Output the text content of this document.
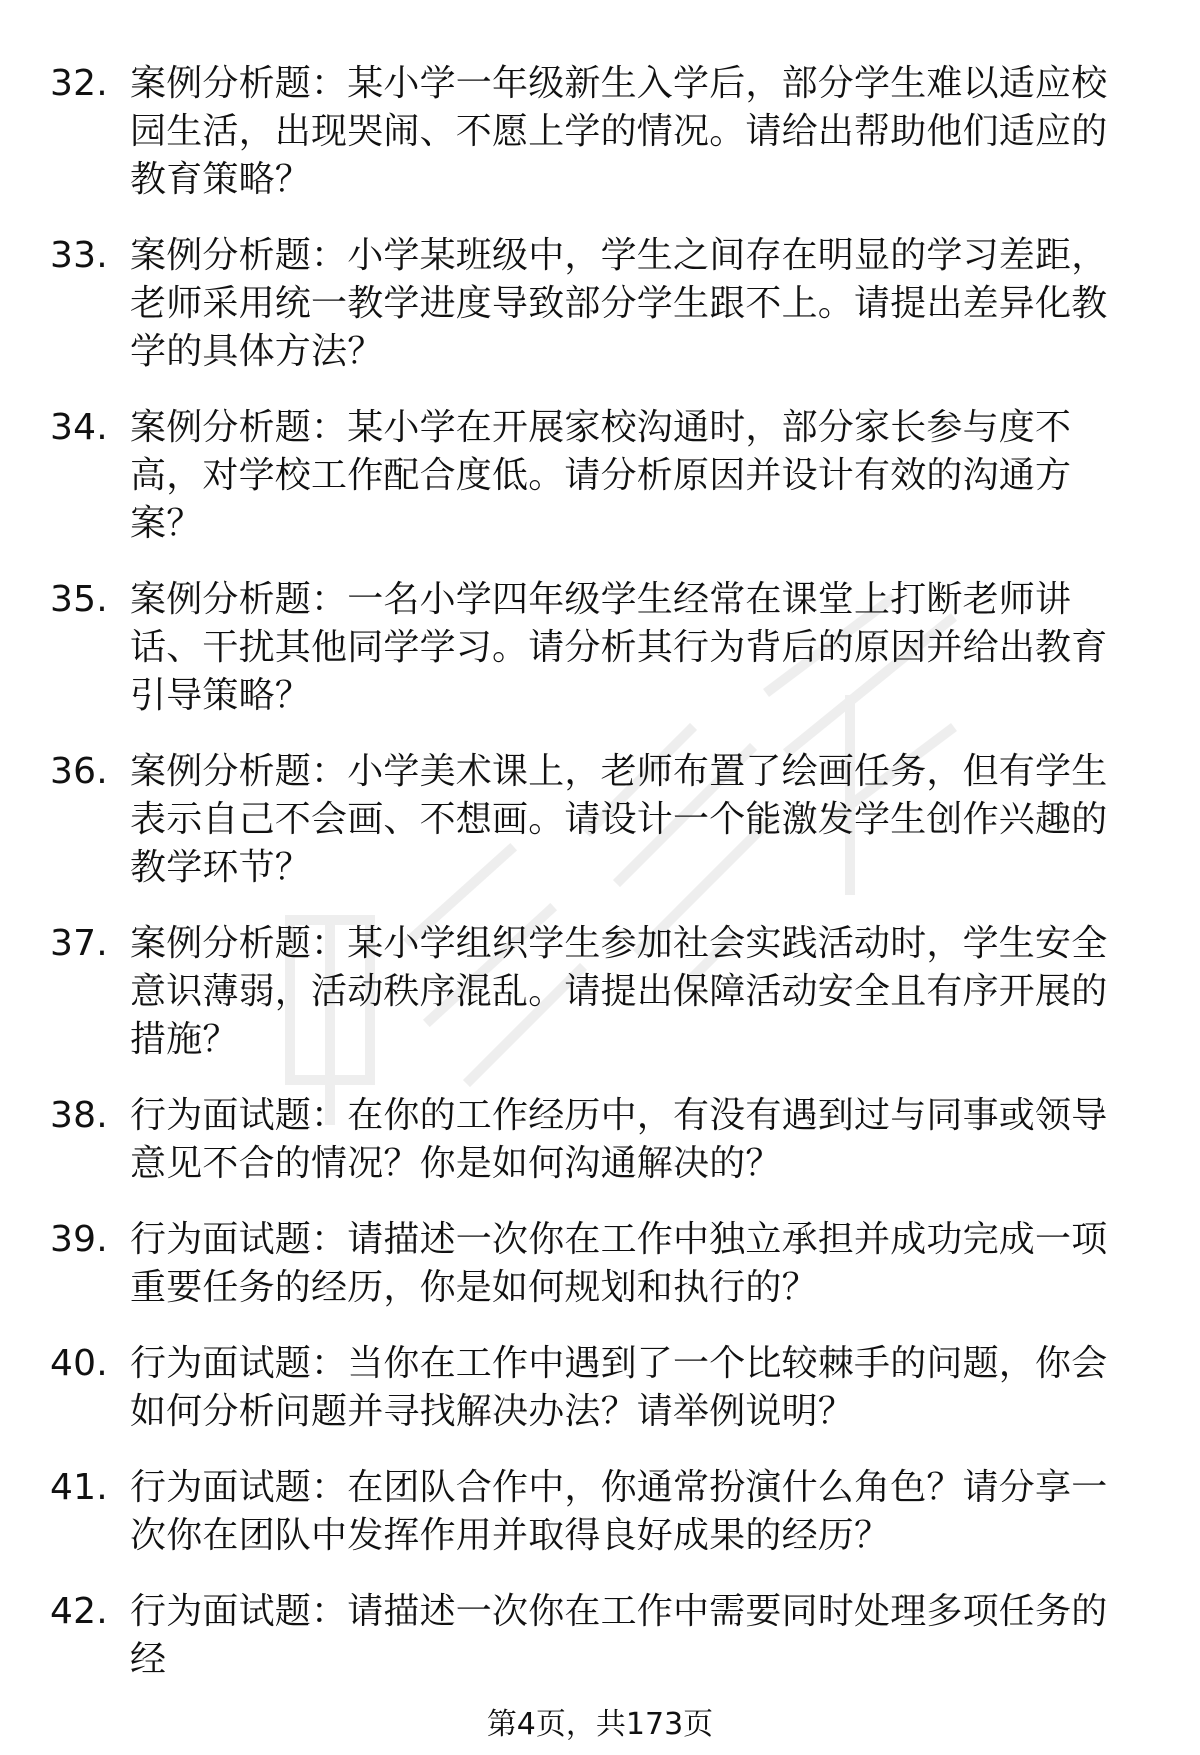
32. 案例分析题：某小学一年级新生入学后，部分学生难以适应校园生活，出现哭闹、不愿上学的情况。请给出帮助他们适应的教育策略？
33. 案例分析题：小学某班级中，学生之间存在明显的学习差距，老师采用统一教学进度导致部分学生跟不上。请提出差异化教学的具体方法？
34. 案例分析题：某小学在开展家校沟通时，部分家长参与度不高，对学校工作配合度低。请分析原因并设计有效的沟通方案？
35. 案例分析题：一名小学四年级学生经常在课堂上打断老师讲话、干扰其他同学学习。请分析其行为背后的原因并给出教育引导策略？
36. 案例分析题：小学美术课上，老师布置了绘画任务，但有学生表示自己不会画、不想画。请设计一个能激发学生创作兴趣的教学环节？
37. 案例分析题：某小学组织学生参加社会实践活动时，学生安全意识薄弱，活动秩序混乱。请提出保障活动安全且有序开展的措施？
38. 行为面试题：在你的工作经历中，有没有遇到过与同事或领导意见不合的情况？你是如何沟通解决的？
39. 行为面试题：请描述一次你在工作中独立承担并成功完成一项重要任务的经历，你是如何规划和执行的？
40. 行为面试题：当你在工作中遇到了一个比较棘手的问题，你会如何分析问题并寻找解决办法？请举例说明？
41. 行为面试题：在团队合作中，你通常扮演什么角色？请分享一次你在团队中发挥作用并取得良好成果的经历？
42. 行为面试题：请描述一次你在工作中需要同时处理多项任务的经
第4页，共173页
